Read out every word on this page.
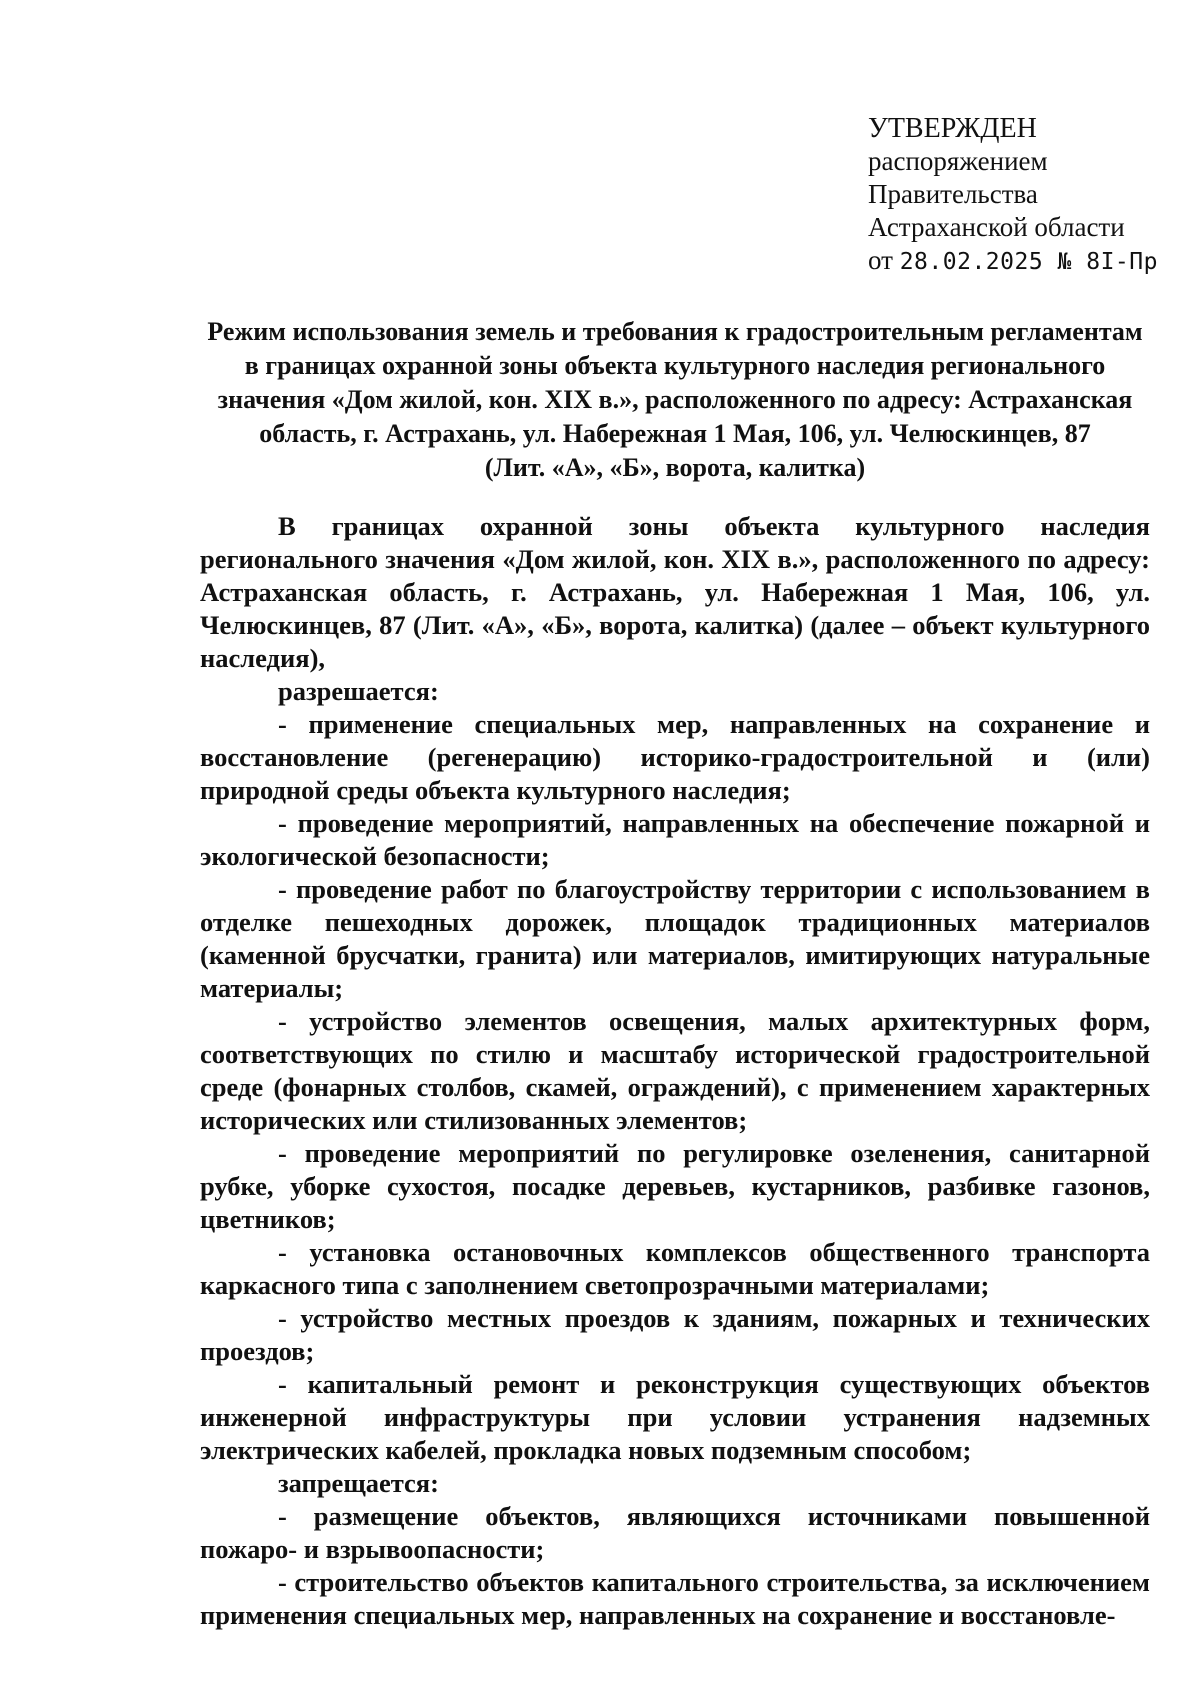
УТВЕРЖДЕН
распоряжением
Правительства
Астраханской области
от 28.02.2025 № 8I-Пр
Режим использования земель и требования к градостроительным регламентам в границах охранной зоны объекта культурного наследия регионального значения «Дом жилой, кон. XIX в.», расположенного по адресу: Астраханская область, г. Астрахань, ул. Набережная 1 Мая, 106, ул. Челюскинцев, 87
(Лит. «А», «Б», ворота, калитка)

В границах охранной зоны объекта культурного наследия регионального значения «Дом жилой, кон. XIX в.», расположенного по адресу: Астраханская область, г. Астрахань, ул. Набережная 1 Мая, 106, ул. Челюскинцев, 87 (Лит. «А», «Б», ворота, калитка) (далее – объект культурного наследия),

разрешается:

- применение специальных мер, направленных на сохранение и восстановление (регенерацию) историко-градостроительной и (или) природной среды объекта культурного наследия;

- проведение мероприятий, направленных на обеспечение пожарной и экологической безопасности;

- проведение работ по благоустройству территории с использованием в отделке пешеходных дорожек, площадок традиционных материалов (каменной брусчатки, гранита) или материалов, имитирующих натуральные материалы;

- устройство элементов освещения, малых архитектурных форм, соответствующих по стилю и масштабу исторической градостроительной среде (фонарных столбов, скамей, ограждений), с применением характерных исторических или стилизованных элементов;

- проведение мероприятий по регулировке озеленения, санитарной рубке, уборке сухостоя, посадке деревьев, кустарников, разбивке газонов, цветников;

- установка остановочных комплексов общественного транспорта каркасного типа с заполнением светопрозрачными материалами;

- устройство местных проездов к зданиям, пожарных и технических проездов;

- капитальный ремонт и реконструкция существующих объектов инженерной инфраструктуры при условии устранения надземных электрических кабелей, прокладка новых подземным способом;

запрещается:

- размещение объектов, являющихся источниками повышенной пожаро- и взрывоопасности;

- строительство объектов капитального строительства, за исключением применения специальных мер, направленных на сохранение и восстановле-
